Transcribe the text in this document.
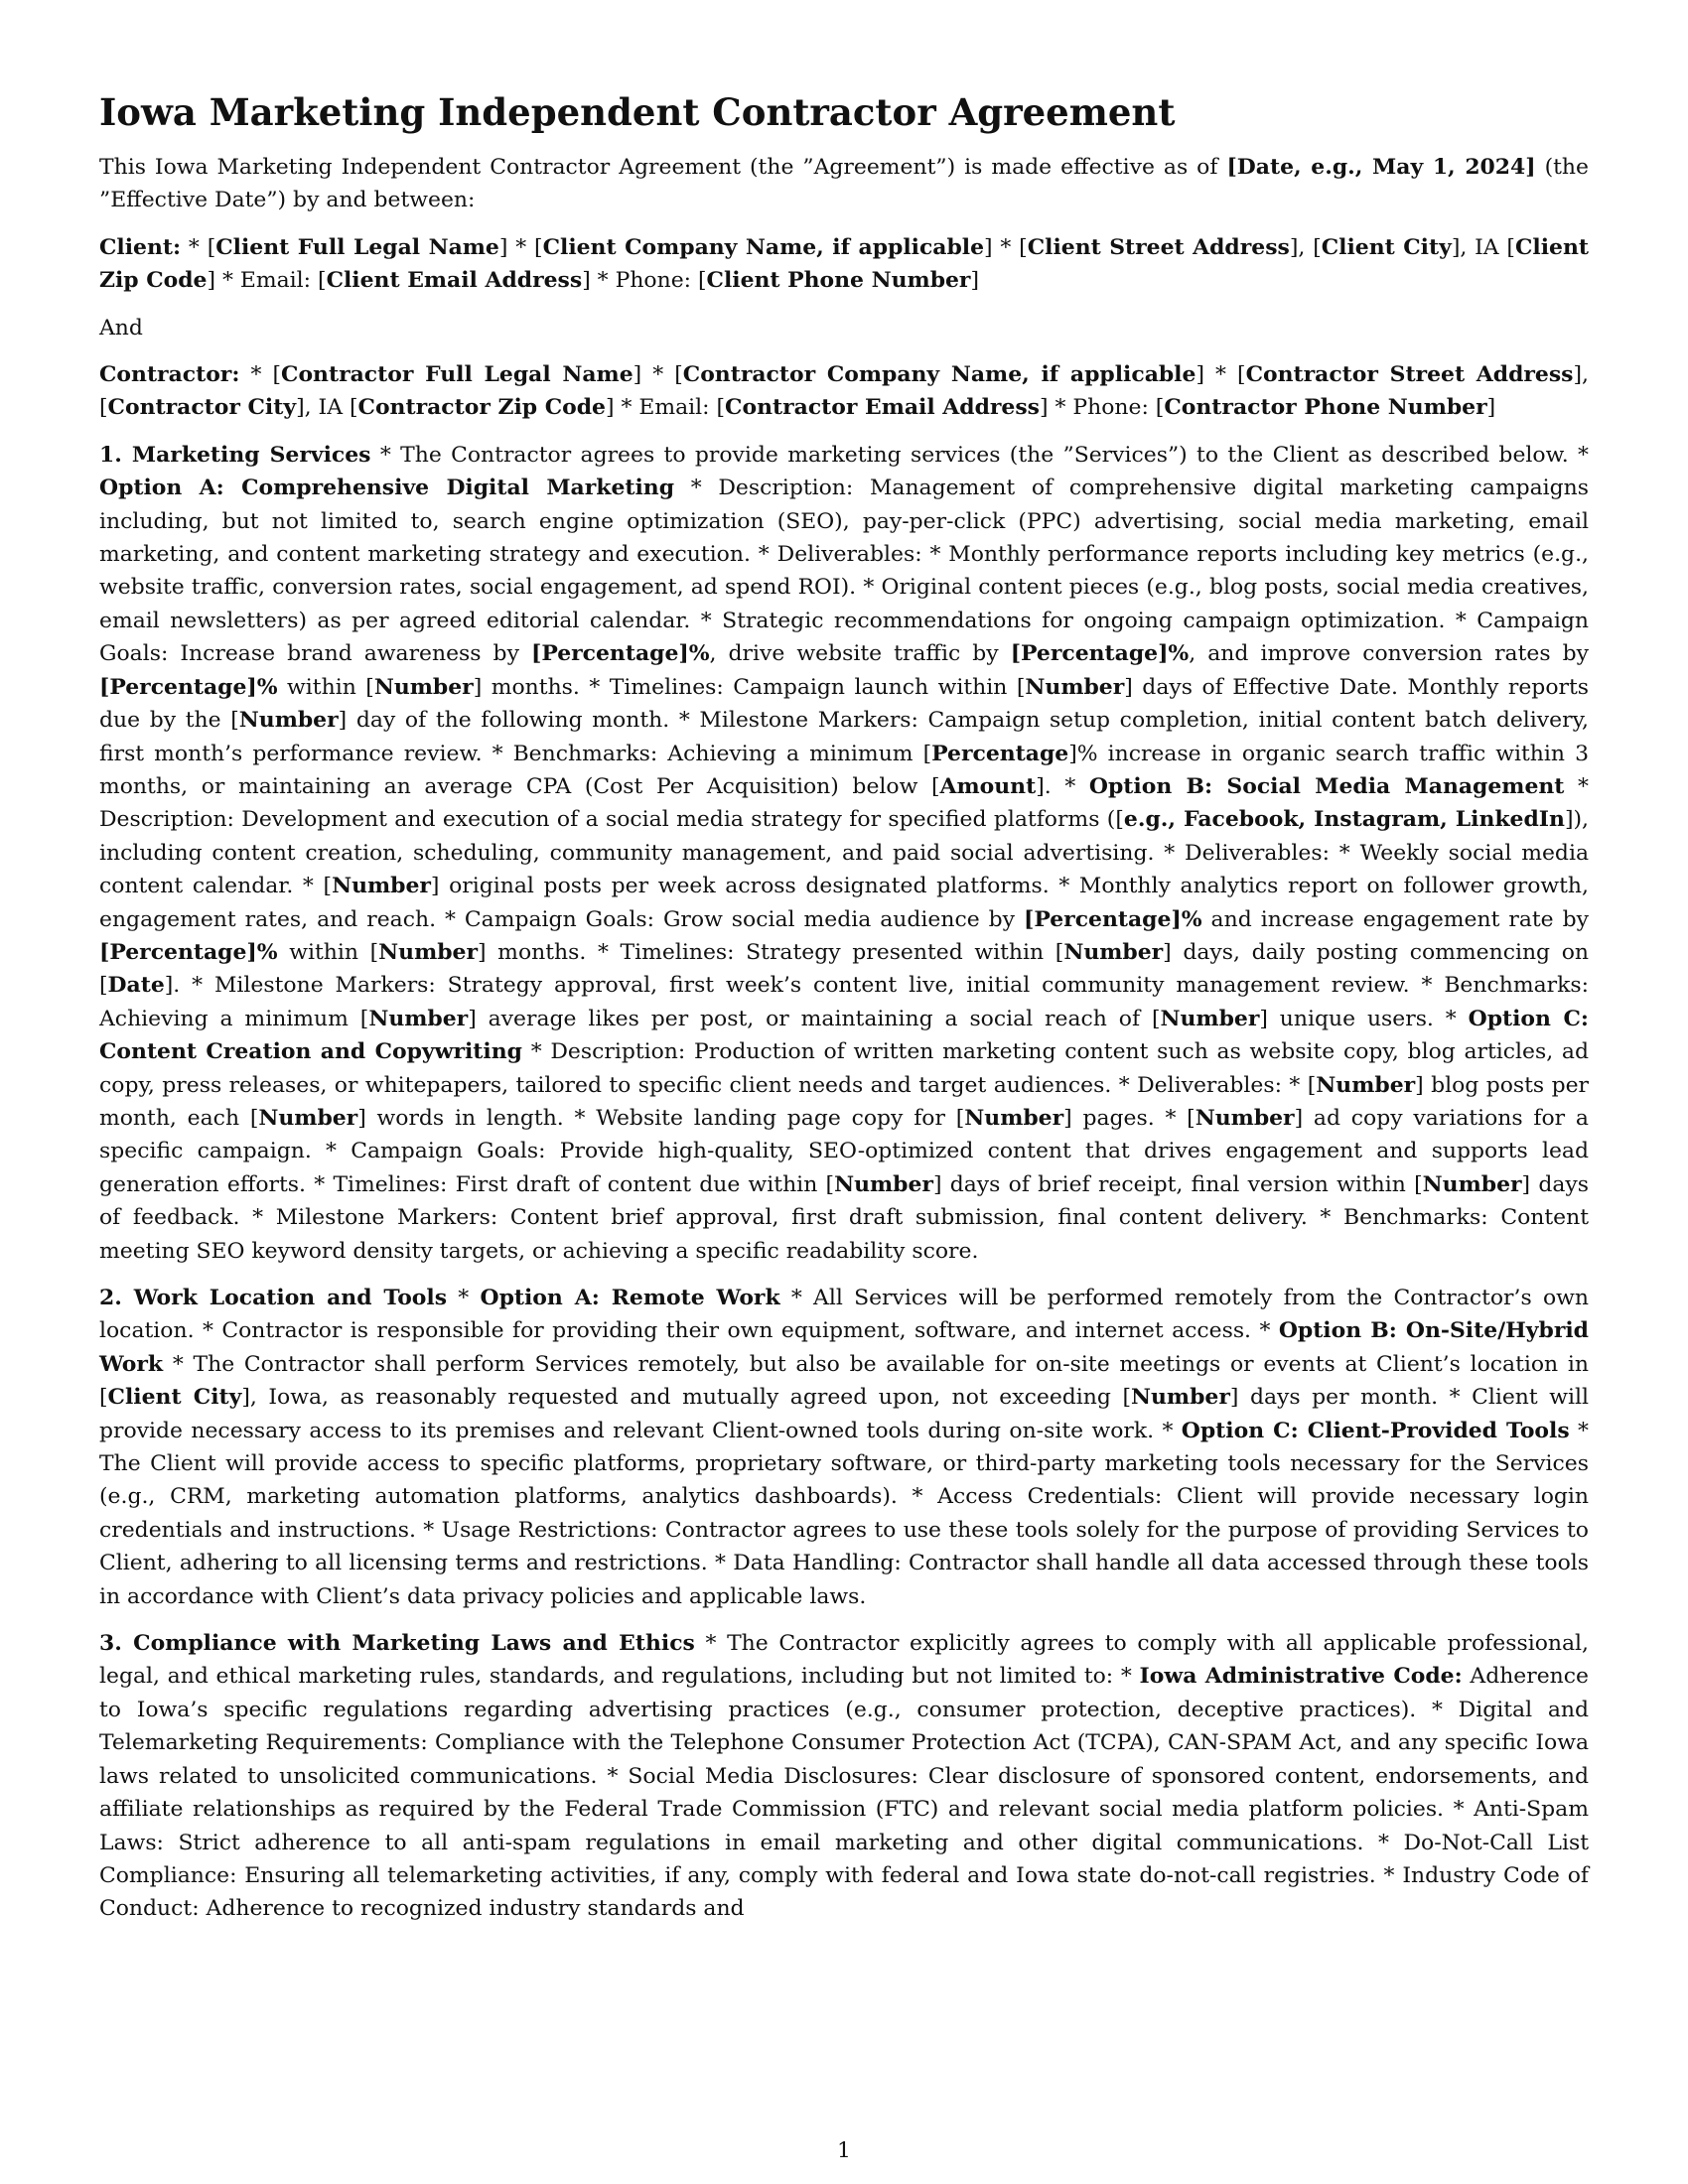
Iowa Marketing Independent Contractor Agreement

This Iowa Marketing Independent Contractor Agreement (the ”Agreement”) is made effective as of [Date, e.g., May 1, 2024] (the ”Effective Date”) by and between:

Client: * [Client Full Legal Name] * [Client Company Name, if applicable] * [Client Street Address], [Client City], IA [Client Zip Code] * Email: [Client Email Address] * Phone: [Client Phone Number]

And

Contractor: * [Contractor Full Legal Name] * [Contractor Company Name, if applicable] * [Contractor Street Address], [Contractor City], IA [Contractor Zip Code] * Email: [Contractor Email Address] * Phone: [Contractor Phone Number]

1. Marketing Services * The Contractor agrees to provide marketing services (the ”Services”) to the Client as described below. * Option A: Comprehensive Digital Marketing * Description: Management of comprehensive digital marketing campaigns including, but not limited to, search engine optimization (SEO), pay-per-click (PPC) advertising, social media marketing, email marketing, and content marketing strategy and execution. * Deliverables: * Monthly performance reports including key metrics (e.g., website traffic, conversion rates, social engagement, ad spend ROI). * Original content pieces (e.g., blog posts, social media creatives, email newsletters) as per agreed editorial calendar. * Strategic recommendations for ongoing campaign optimization. * Campaign Goals: Increase brand awareness by [Percentage]%, drive website traffic by [Percentage]%, and improve conversion rates by [Percentage]% within [Number] months. * Timelines: Campaign launch within [Number] days of Effective Date. Monthly reports due by the [Number] day of the following month. * Milestone Markers: Campaign setup completion, initial content batch delivery, first month’s performance review. * Benchmarks: Achieving a minimum [Percentage]% increase in organic search traffic within 3 months, or maintaining an average CPA (Cost Per Acquisition) below [Amount]. * Option B: Social Media Management * Description: Development and execution of a social media strategy for specified platforms ([e.g., Facebook, Instagram, LinkedIn]), including content creation, scheduling, community management, and paid social advertising. * Deliverables: * Weekly social media content calendar. * [Number] original posts per week across designated platforms. * Monthly analytics report on follower growth, engagement rates, and reach. * Campaign Goals: Grow social media audience by [Percentage]% and increase engagement rate by [Percentage]% within [Number] months. * Timelines: Strategy presented within [Number] days, daily posting commencing on [Date]. * Milestone Markers: Strategy approval, first week’s content live, initial community management review. * Benchmarks: Achieving a minimum [Number] average likes per post, or maintaining a social reach of [Number] unique users. * Option C: Content Creation and Copywriting * Description: Production of written marketing content such as website copy, blog articles, ad copy, press releases, or whitepapers, tailored to specific client needs and target audiences. * Deliverables: * [Number] blog posts per month, each [Number] words in length. * Website landing page copy for [Number] pages. * [Number] ad copy variations for a specific campaign. * Campaign Goals: Provide high-quality, SEO-optimized content that drives engagement and supports lead generation efforts. * Timelines: First draft of content due within [Number] days of brief receipt, final version within [Number] days of feedback. * Milestone Markers: Content brief approval, first draft submission, final content delivery. * Benchmarks: Content meeting SEO keyword density targets, or achieving a specific readability score.

2. Work Location and Tools * Option A: Remote Work * All Services will be performed remotely from the Contractor’s own location. * Contractor is responsible for providing their own equipment, software, and internet access. * Option B: On-Site/Hybrid Work * The Contractor shall perform Services remotely, but also be available for on-site meetings or events at Client’s location in [Client City], Iowa, as reasonably requested and mutually agreed upon, not exceeding [Number] days per month. * Client will provide necessary access to its premises and relevant Client-owned tools during on-site work. * Option C: Client-Provided Tools * The Client will provide access to specific platforms, proprietary software, or third-party marketing tools necessary for the Services (e.g., CRM, marketing automation platforms, analytics dashboards). * Access Credentials: Client will provide necessary login credentials and instructions. * Usage Restrictions: Contractor agrees to use these tools solely for the purpose of providing Services to Client, adhering to all licensing terms and restrictions. * Data Handling: Contractor shall handle all data accessed through these tools in accordance with Client’s data privacy policies and applicable laws.

3. Compliance with Marketing Laws and Ethics * The Contractor explicitly agrees to comply with all applicable professional, legal, and ethical marketing rules, standards, and regulations, including but not limited to: * Iowa Administrative Code: Adherence to Iowa’s specific regulations regarding advertising practices (e.g., consumer protection, deceptive practices). * Digital and Telemarketing Requirements: Compliance with the Telephone Consumer Protection Act (TCPA), CAN-SPAM Act, and any specific Iowa laws related to unsolicited communications. * Social Media Disclosures: Clear disclosure of sponsored content, endorsements, and affiliate relationships as required by the Federal Trade Commission (FTC) and relevant social media platform policies. * Anti-Spam Laws: Strict adherence to all anti-spam regulations in email marketing and other digital communications. * Do-Not-Call List Compliance: Ensuring all telemarketing activities, if any, comply with federal and Iowa state do-not-call registries. * Industry Code of Conduct: Adherence to recognized industry standards and

1
